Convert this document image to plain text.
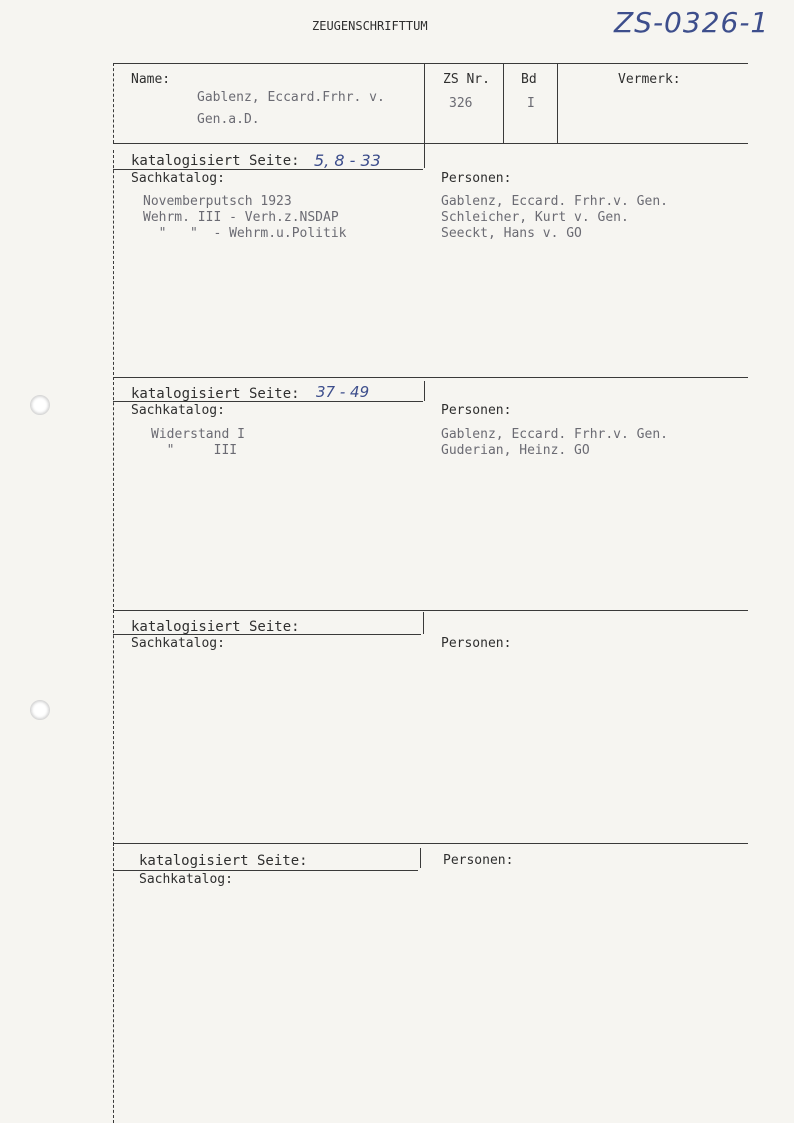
ZEUGENSCHRIFTTUM	ZS-0326-1
Name:
Gablenz, Eccard.Frhr. v.
Gen.a.D.
ZS Nr.
326
Bd
I
Vermerk:
katalogisiert Seite: 5, 8 - 33
Sachkatalog:	Personen:
Novemberputsch 1923
Wehrm. III - Verh.z.NSDAP
"   "  - Wehrm.u.Politik
Gablenz, Eccard. Frhr.v. Gen.
Schleicher, Kurt v. Gen.
Seeckt, Hans v. GO
katalogisiert Seite: 37 - 49
Sachkatalog:	Personen:
Widerstand I
"     III
Gablenz, Eccard. Frhr.v. Gen.
Guderian, Heinz. GO
katalogisiert Seite:
Sachkatalog:	Personen:
katalogisiert Seite:
Sachkatalog:
Personen:
